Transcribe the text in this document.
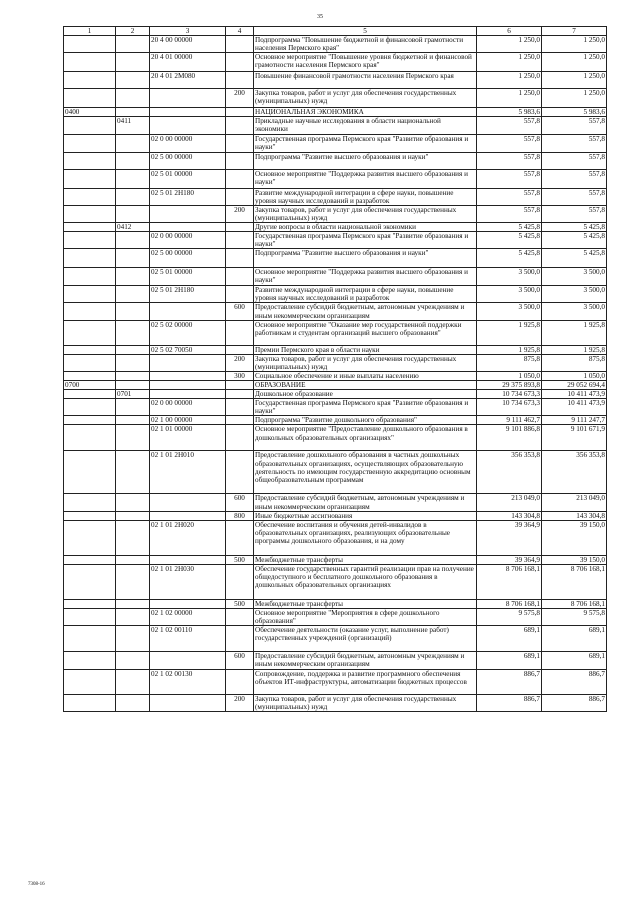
35
1	2	3	4	5	6	7
		20 4 00 00000		Подпрограмма "Повышение бюджетной и финансовой грамотности населения Пермского края"	1 250,0	1 250,0
		20 4 01 00000		Основное мероприятие "Повышение уровня бюджетной и финансовой грамотности населения Пермского края"	1 250,0	1 250,0
		20 4 01 2М080		Повышение финансовой грамотности населения Пермского края	1 250,0	1 250,0
			200	Закупка товаров, работ и услуг для обеспечения государственных (муниципальных) нужд	1 250,0	1 250,0
0400				НАЦИОНАЛЬНАЯ ЭКОНОМИКА	5 983,6	5 983,6
	0411			Прикладные научные исследования в области национальной экономики	557,8	557,8
		02 0 00 00000		Государственная программа Пермского края "Развитие образования и науки"	557,8	557,8
		02 5 00 00000		Подпрограмма "Развитие высшего образования и науки"	557,8	557,8
		02 5 01 00000		Основное мероприятие "Поддержка развития высшего образования и науки"	557,8	557,8
		02 5 01 2Н180		Развитие международной интеграции в сфере науки, повышение уровня научных исследований и разработок	557,8	557,8
			200	Закупка товаров, работ и услуг для обеспечения государственных (муниципальных) нужд	557,8	557,8
	0412			Другие вопросы в области национальной экономики	5 425,8	5 425,8
		02 0 00 00000		Государственная программа Пермского края "Развитие образования и науки"	5 425,8	5 425,8
		02 5 00 00000		Подпрограмма "Развитие высшего образования и науки"	5 425,8	5 425,8
		02 5 01 00000		Основное мероприятие "Поддержка развития высшего образования и науки"	3 500,0	3 500,0
		02 5 01 2Н180		Развитие международной интеграции в сфере науки, повышение уровня научных исследований и разработок	3 500,0	3 500,0
			600	Предоставление субсидий бюджетным, автономным учреждениям и иным некоммерческим организациям	3 500,0	3 500,0
		02 5 02 00000		Основное мероприятие "Оказание мер государственной поддержки работникам и студентам организаций высшего образования"	1 925,8	1 925,8
		02 5 02 70050		Премии Пермского края в области науки	1 925,8	1 925,8
			200	Закупка товаров, работ и услуг для обеспечения государственных (муниципальных) нужд	875,8	875,8
			300	Социальное обеспечение и иные выплаты населению	1 050,0	1 050,0
0700				ОБРАЗОВАНИЕ	29 375 893,8	29 052 694,4
	0701			Дошкольное образование	10 734 673,3	10 411 473,9
		02 0 00 00000		Государственная программа Пермского края "Развитие образования и науки"	10 734 673,3	10 411 473,9
		02 1 00 00000		Подпрограмма "Развитие дошкольного образования"	9 111 462,7	9 111 247,7
		02 1 01 00000		Основное мероприятие "Предоставление дошкольного образования в дошкольных образовательных организациях"	9 101 886,8	9 101 671,9
		02 1 01 2Н010		Предоставление дошкольного образования в частных дошкольных образовательных организациях, осуществляющих образовательную деятельность по имеющим государственную аккредитацию основным общеобразовательным программам	356 353,8	356 353,8
			600	Предоставление субсидий бюджетным, автономным учреждениям и иным некоммерческим организациям	213 049,0	213 049,0
			800	Иные бюджетные ассигнования	143 304,8	143 304,8
		02 1 01 2Н020		Обеспечение воспитания и обучения детей-инвалидов в образовательных организациях, реализующих образовательные программы дошкольного образования, и на дому	39 364,9	39 150,0
			500	Межбюджетные трансферты	39 364,9	39 150,0
		02 1 01 2Н030		Обеспечение государственных гарантий реализации прав на получение общедоступного и бесплатного дошкольного образования в дошкольных образовательных организациях	8 706 168,1	8 706 168,1
			500	Межбюджетные трансферты	8 706 168,1	8 706 168,1
		02 1 02 00000		Основное мероприятие "Мероприятия в сфере дошкольного образования"	9 575,8	9 575,8
		02 1 02 00110		Обеспечение деятельности (оказание услуг, выполнение работ) государственных учреждений (организаций)	689,1	689,1
			600	Предоставление субсидий бюджетным, автономным учреждениям и иным некоммерческим организациям	689,1	689,1
		02 1 02 00130		Сопровождение, поддержка и развитие программного обеспечения объектов ИТ-инфраструктуры, автоматизации бюджетных процессов	886,7	886,7
			200	Закупка товаров, работ и услуг для обеспечения государственных (муниципальных) нужд	886,7	886,7
7308-16
